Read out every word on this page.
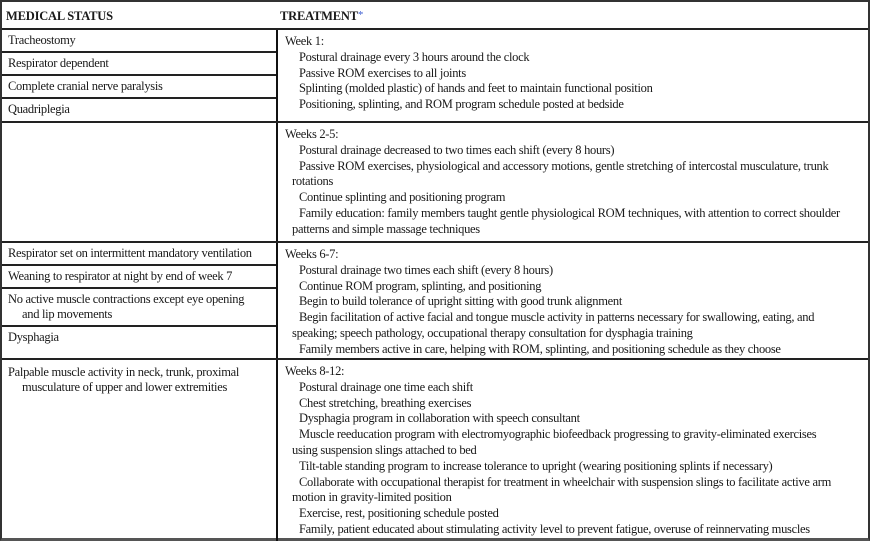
MEDICAL STATUS	TREATMENT*
Tracheostomy
Respirator dependent
Complete cranial nerve paralysis
Quadriplegia
Week 1:
Postural drainage every 3 hours around the clock
Passive ROM exercises to all joints
Splinting (molded plastic) of hands and feet to maintain functional position
Positioning, splinting, and ROM program schedule posted at bedside
Weeks 2-5:
Postural drainage decreased to two times each shift (every 8 hours)
Passive ROM exercises, physiological and accessory motions, gentle stretching of intercostal musculature, trunk
rotations
Continue splinting and positioning program
Family education: family members taught gentle physiological ROM techniques, with attention to correct shoulder
patterns and simple massage techniques
Respirator set on intermittent mandatory ventilation
Weaning to respirator at night by end of week 7
No active muscle contractions except eye opening
and lip movements
Dysphagia
Weeks 6-7:
Postural drainage two times each shift (every 8 hours)
Continue ROM program, splinting, and positioning
Begin to build tolerance of upright sitting with good trunk alignment
Begin facilitation of active facial and tongue muscle activity in patterns necessary for swallowing, eating, and
speaking; speech pathology, occupational therapy consultation for dysphagia training
Family members active in care, helping with ROM, splinting, and positioning schedule as they choose
Palpable muscle activity in neck, trunk, proximal
musculature of upper and lower extremities
Weeks 8-12:
Postural drainage one time each shift
Chest stretching, breathing exercises
Dysphagia program in collaboration with speech consultant
Muscle reeducation program with electromyographic biofeedback progressing to gravity-eliminated exercises
using suspension slings attached to bed
Tilt-table standing program to increase tolerance to upright (wearing positioning splints if necessary)
Collaborate with occupational therapist for treatment in wheelchair with suspension slings to facilitate active arm
motion in gravity-limited position
Exercise, rest, positioning schedule posted
Family, patient educated about stimulating activity level to prevent fatigue, overuse of reinnervating muscles
